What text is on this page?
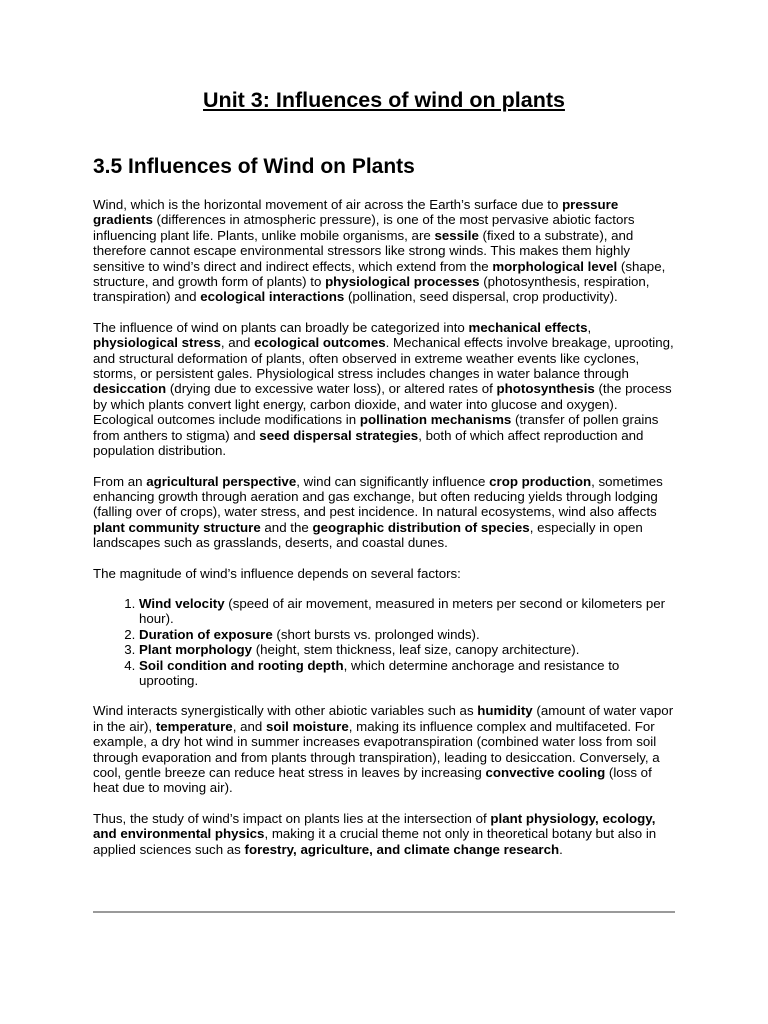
Unit 3: Influences of wind on plants
3.5 Influences of Wind on Plants

Wind, which is the horizontal movement of air across the Earth’s surface due to pressure gradients (differences in atmospheric pressure), is one of the most pervasive abiotic factors influencing plant life. Plants, unlike mobile organisms, are sessile (fixed to a substrate), and therefore cannot escape environmental stressors like strong winds. This makes them highly sensitive to wind’s direct and indirect effects, which extend from the morphological level (shape, structure, and growth form of plants) to physiological processes (photosynthesis, respiration, transpiration) and ecological interactions (pollination, seed dispersal, crop productivity).

The influence of wind on plants can broadly be categorized into mechanical effects, physiological stress, and ecological outcomes. Mechanical effects involve breakage, uprooting, and structural deformation of plants, often observed in extreme weather events like cyclones, storms, or persistent gales. Physiological stress includes changes in water balance through desiccation (drying due to excessive water loss), or altered rates of photosynthesis (the process by which plants convert light energy, carbon dioxide, and water into glucose and oxygen). Ecological outcomes include modifications in pollination mechanisms (transfer of pollen grains from anthers to stigma) and seed dispersal strategies, both of which affect reproduction and population distribution.

From an agricultural perspective, wind can significantly influence crop production, sometimes enhancing growth through aeration and gas exchange, but often reducing yields through lodging (falling over of crops), water stress, and pest incidence. In natural ecosystems, wind also affects plant community structure and the geographic distribution of species, especially in open landscapes such as grasslands, deserts, and coastal dunes.

The magnitude of wind’s influence depends on several factors:

1. Wind velocity (speed of air movement, measured in meters per second or kilometers per hour).
2. Duration of exposure (short bursts vs. prolonged winds).
3. Plant morphology (height, stem thickness, leaf size, canopy architecture).
4. Soil condition and rooting depth, which determine anchorage and resistance to uprooting.

Wind interacts synergistically with other abiotic variables such as humidity (amount of water vapor in the air), temperature, and soil moisture, making its influence complex and multifaceted. For example, a dry hot wind in summer increases evapotranspiration (combined water loss from soil through evaporation and from plants through transpiration), leading to desiccation. Conversely, a cool, gentle breeze can reduce heat stress in leaves by increasing convective cooling (loss of heat due to moving air).

Thus, the study of wind’s impact on plants lies at the intersection of plant physiology, ecology, and environmental physics, making it a crucial theme not only in theoretical botany but also in applied sciences such as forestry, agriculture, and climate change research.
